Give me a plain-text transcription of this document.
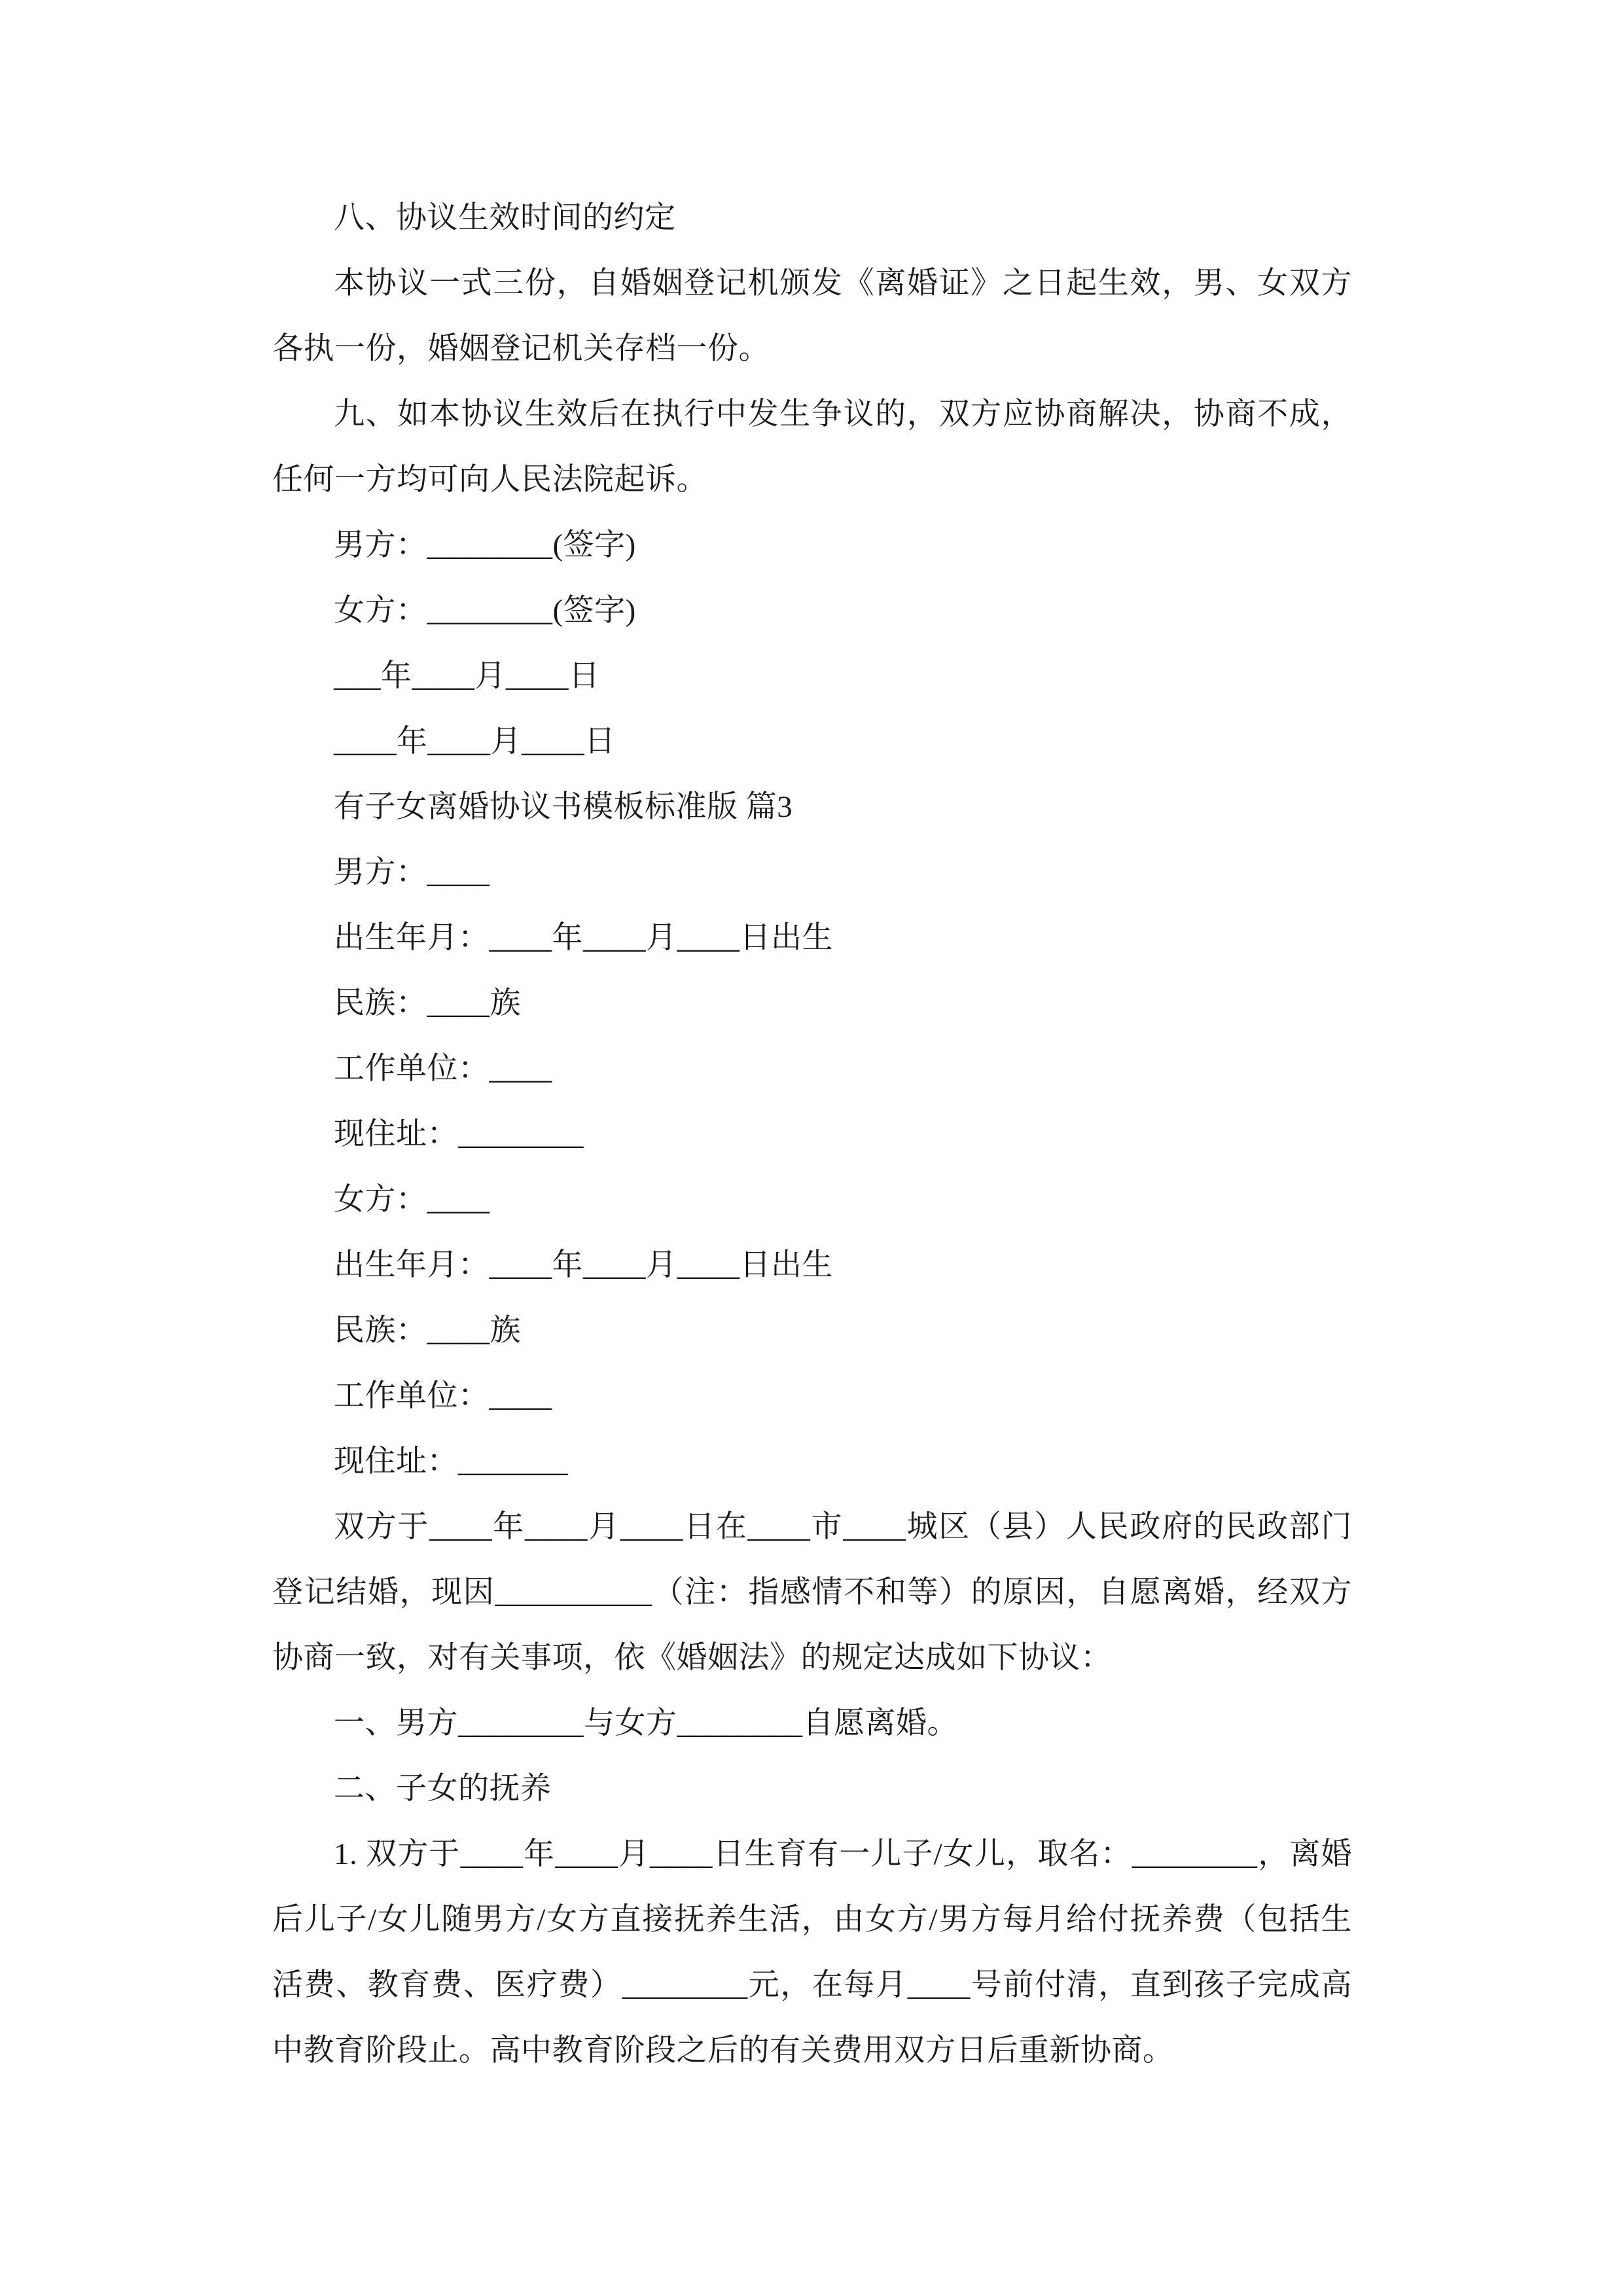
八、协议生效时间的约定

本协议一式三份，自婚姻登记机颁发《离婚证》之日起生效，男、女双方各执一份，婚姻登记机关存档一份。

九、如本协议生效后在执行中发生争议的，双方应协商解决，协商不成，任何一方均可向人民法院起诉。

男方：________(签字)

女方：________(签字)

___年____月____日

____年____月____日

有子女离婚协议书模板标准版 篇3

男方：____

出生年月：____年____月____日出生

民族：____族

工作单位：____

现住址：________

女方：____

出生年月：____年____月____日出生

民族：____族

工作单位：____

现住址：_______

双方于____年____月____日在____市____城区（县）人民政府的民政部门登记结婚，现因__________（注：指感情不和等）的原因，自愿离婚，经双方协商一致，对有关事项，依《婚姻法》的规定达成如下协议：

一、男方________与女方________自愿离婚。

二、子女的抚养

1. 双方于____年____月____日生育有一儿子/女儿，取名：________，离婚后儿子/女儿随男方/女方直接抚养生活，由女方/男方每月给付抚养费（包括生活费、教育费、医疗费）________元，在每月____号前付清，直到孩子完成高中教育阶段止。高中教育阶段之后的有关费用双方日后重新协商。
